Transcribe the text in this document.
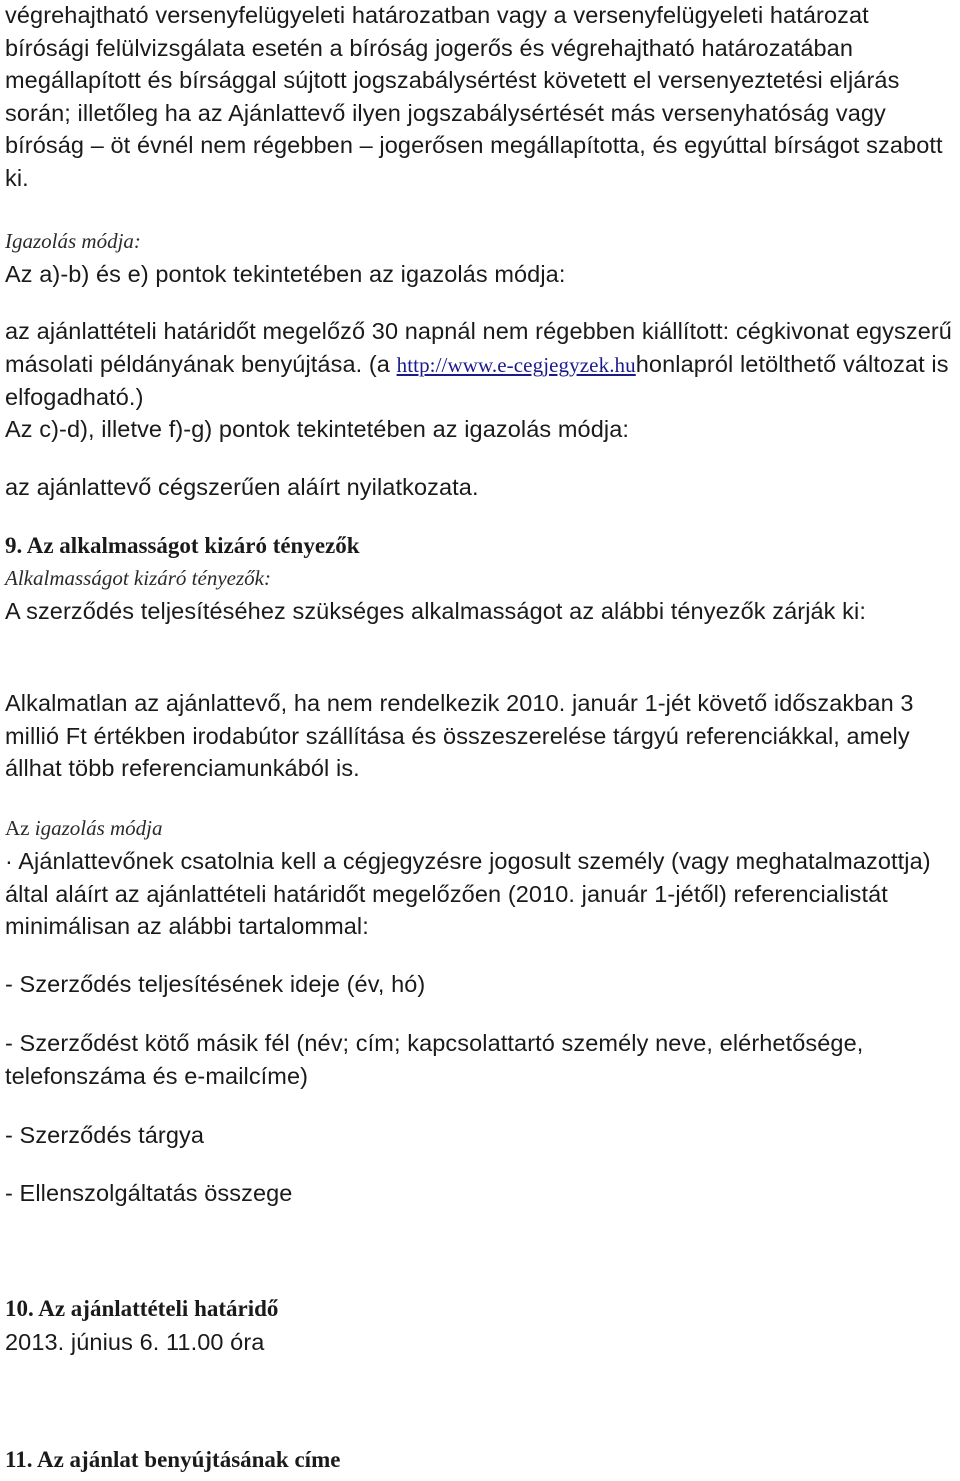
végrehajtható versenyfelügyeleti határozatban vagy a versenyfelügyeleti határozat bírósági felülvizsgálata esetén a bíróság jogerős és végrehajtható határozatában megállapított és bírsággal sújtott jogszabálysértést követett el versenyeztetési eljárás során; illetőleg ha az Ajánlattevő ilyen jogszabálysértését más versenyhatóság vagy bíróság – öt évnél nem régebben – jogerősen megállapította, és egyúttal bírságot szabott ki.
Igazolás módja:
Az a)-b) és e) pontok tekintetében az igazolás módja:
az ajánlattételi határidőt megelőző 30 napnál nem régebben kiállított: cégkivonat egyszerű másolati példányának benyújtása. (a http://www.e-cegjegyzek.huhonlapról letölthető változat is elfogadható.)
Az c)-d), illetve f)-g) pontok tekintetében az igazolás módja:
az ajánlattevő cégszerűen aláírt nyilatkozata.
9. Az alkalmasságot kizáró tényezők
Alkalmasságot kizáró tényezők:
A szerződés teljesítéséhez szükséges alkalmasságot az alábbi tényezők zárják ki:
Alkalmatlan az ajánlattevő, ha nem rendelkezik 2010. január 1-jét követő időszakban 3 millió Ft értékben irodabútor szállítása és összeszerelése tárgyú referenciákkal, amely állhat több referenciamunkából is.
Az igazolás módja
· Ajánlattevőnek csatolnia kell a cégjegyzésre jogosult személy (vagy meghatalmazottja) által aláírt az ajánlattételi határidőt megelőzően (2010. január 1-jétől) referencialistát minimálisan az alábbi tartalommal:
- Szerződés teljesítésének ideje (év, hó)
- Szerződést kötő másik fél (név; cím; kapcsolattartó személy neve, elérhetősége, telefonszáma és e-mailcíme)
- Szerződés tárgya
- Ellenszolgáltatás összege
10. Az ajánlattételi határidő
2013. június 6. 11.00 óra
11. Az ajánlat benyújtásának címe
